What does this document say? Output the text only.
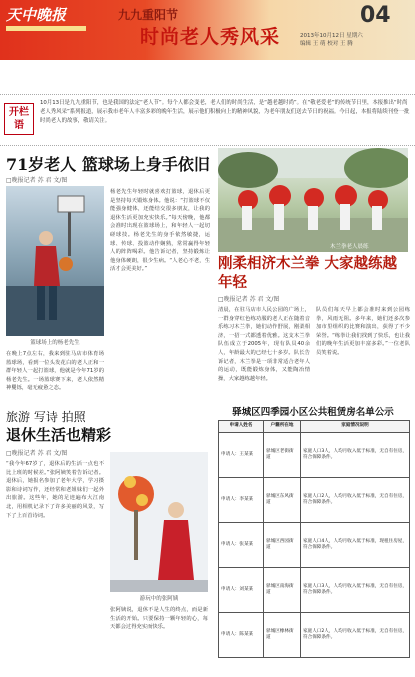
天中晚报	九九重阳节
时尚老人秀风采
04
2013年10月12日 星期六
编辑 王 萌 校对 王 腾
开栏语
10月13日是九九重阳节，也是我国的法定“老人节”。每个人都会变老，老人们的时尚生活，是“越老越时尚”。在“敬老爱老”的传统节日里，本报推出“时尚老人秀风采”系列报道，展示我市老年人丰富多彩的晚年生活，展示他们积极向上的精神风貌，为老年朋友们送去节日的祝福。今日起，本报将陆续刊登一批时尚老人的故事，敬请关注。
71岁老人 篮球场上身手依旧
□晚报记者 苏 君 文/图
篮球场上的杨老先生
在晚上7点左右，我来到驻马店市体育场篮球场，看到一位头发花白的老人正和一群年轻人一起打篮球，他就是今年71岁的杨老先生。一场篮球赛下来，老人依然精神矍铄，毫无疲惫之态。
杨老先生年轻时就喜欢打篮球，退休后更是坚持每天锻炼身体。他说：“打篮球不仅能强身健体，还能结交很多朋友，让我的退休生活更加充实快乐。”每天傍晚，他都会准时出现在篮球场上，和年轻人一起切磋球技。杨老先生的身手依然敏捷，运球、传球、投篮动作娴熟，常常赢得年轻人的阵阵喝彩。他告诉记者，坚持锻炼让他身体硬朗，很少生病。“人老心不老，生活才会更美好。”
木兰拳老人晨练
刚柔相济木兰拳 大家越练越年轻
□晚报记者 苏 君 文/图
清晨，在驻马店市人民公园的广场上，一群身穿红色练功服的老人正在随着音乐练习木兰拳，她们动作舒展，刚柔相济，一招一式都透着优雅。这支木兰拳队伍成立于2005年，现有队员40余人，年龄最大的已经七十多岁。队长告诉记者，木兰拳是一项非常适合老年人的运动，既能锻炼身体，又能陶冶情操，大家越练越年轻。
队员们每天早上都会准时来到公园练拳，风雨无阻。多年来，她们还多次参加市里组织的比赛和演出，获得了不少荣誉。“练拳让我们找到了快乐，也让我们的晚年生活更加丰富多彩。”一位老队员笑着说。
旅游 写诗 拍照
退休生活也精彩
□晚报记者 苏 君 文/图
“我今年67岁了，退休后的生活一点也不比上班的时候差。”张阿姨笑着告诉记者。退休后，她报名参加了老年大学，学习摄影和诗词写作，还经常和老姐妹们一起外出旅游。这些年，她的足迹遍布大江南北，用相机记录下了许多美丽的风景，写下了上百首诗词。
游玩中的张阿姨
张阿姨说，退休不是人生的终点，而是新生活的开始。只要保持一颗年轻的心，每天都会过得充实而快乐。
驿城区四季园小区公共租赁房名单公示
申请人姓名	户籍所在地	家庭情况说明
申请人：王某某	驿城区老街街道	家庭人口3人，人均月收入低于标准，无自有住房，符合保障条件。
申请人：李某某	驿城区东风街道	家庭人口2人，人均月收入低于标准，无自有住房，符合保障条件。
申请人：张某某	驿城区西园街道	家庭人口4人，人均月收入低于标准，现租住房屋，符合保障条件。
申请人：刘某某	驿城区南海街道	家庭人口3人，人均月收入低于标准，无自有住房，符合保障条件。
申请人：陈某某	驿城区橡林街道	家庭人口2人，人均月收入低于标准，无自有住房，符合保障条件。
